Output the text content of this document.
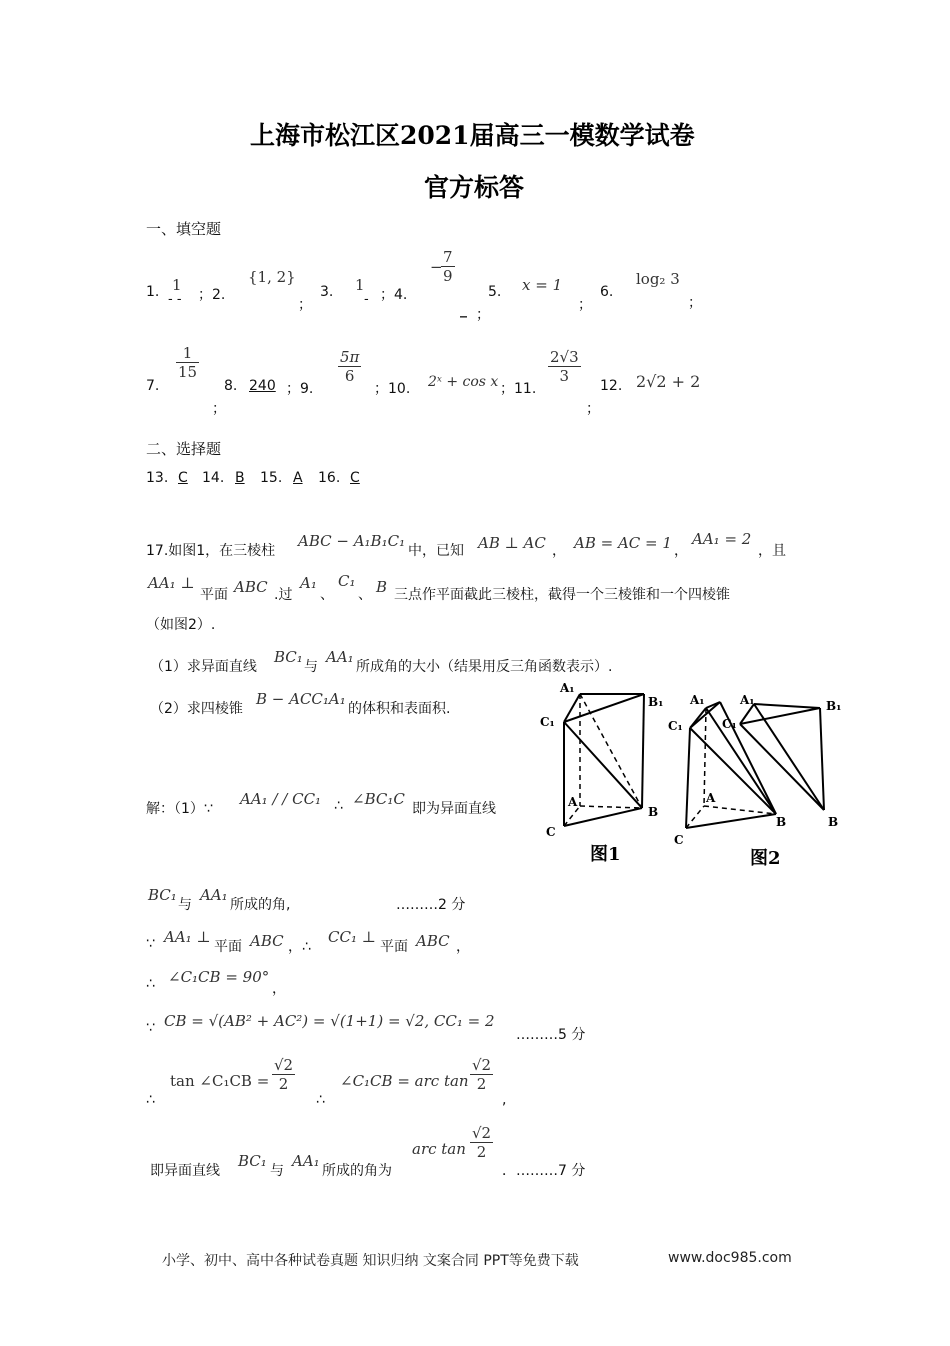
上海市松江区2021届高三一模数学试卷
官方标答
一、填空题
1. 1
- - ；2.
{1, 2}
；
3. 1
- ；4.
−
$\frac{7}{9}$
5.
_ ；
x = 1
；
6.
log₂ 3
；
7.
$\frac{1}{15}$
；
8. 240 ；9.
$\frac{5\pi}{6}$
；10. 2ˣ + cos x ；11.
$\frac{2√3}{3}$
；
12. 2√2 + 2
二、选择题
13. C 14. B 15. A 16. C
17.如图1，在三棱柱
ABC − A₁B₁C₁
中，已知 AB ⊥ AC ， AB = AC = 1 ，
AA₁ = 2
，且
AA₁ ⊥
平面 ABC .过
A₁
、
C₁
、 B 三点作平面截此三棱柱，截得一个三棱锥和一个四棱锥
（如图2）.
（1）求异面直线
BC₁
与
AA₁
所成角的大小（结果用反三角函数表示）.
（2）求四棱锥
B − ACC₁A₁
的体积和表面积.
A₁
B₁
C₁
A
B
C
图1
A₁
C₁
A
B
C
A₁
C₁
B₁
B
图2
解：（1）∵
AA₁ / / CC₁ ∴ ∠BC₁C
即为异面直线
BC₁
与
AA₁
所成的角,	………2 分
∵ AA₁ ⊥
平面 ABC ，∴
CC₁ ⊥
平面 ABC ，
∴ ∠C₁CB = 90°
，
∵ CB = √(AB² + AC²) = √(1+1) = √2, CC₁ = 2
………5 分
∴
tan ∠C₁CB = $\frac{√2}{2}$
∴
∠C₁CB = arc $\tan \frac{√2}{2}$
,
即异面直线
BC₁
与
AA₁
所成的角为
arc $\tan \frac{√2}{2}$
．………7 分
小学、初中、高中各种试卷真题 知识归纳 文案合同 PPT等免费下载	www.doc985.com
